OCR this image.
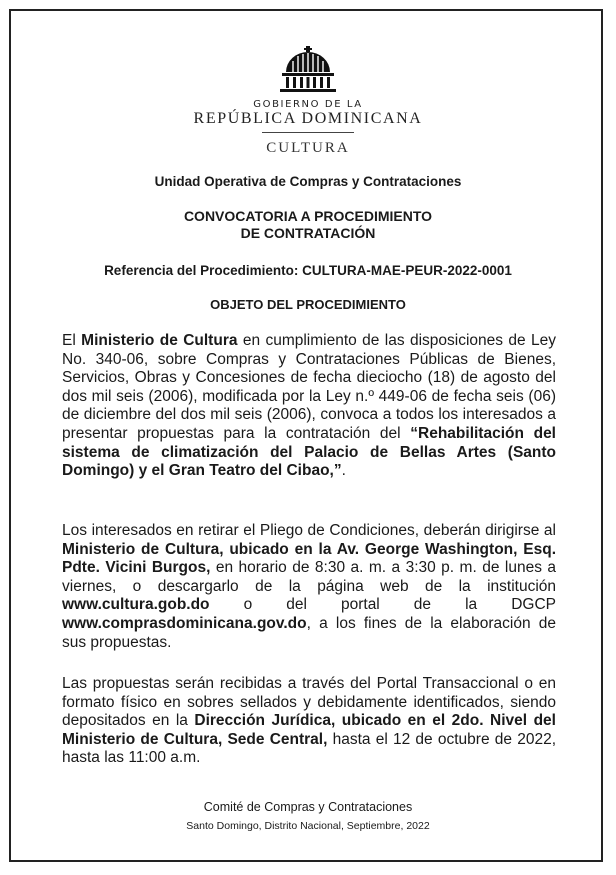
GOBIERNO DE LA
REPÚBLICA DOMINICANA
CULTURA
Unidad Operativa de Compras y Contrataciones
CONVOCATORIA A PROCEDIMIENTO
DE CONTRATACIÓN
Referencia del Procedimiento: CULTURA-MAE-PEUR-2022-0001
OBJETO DEL PROCEDIMIENTO

El Ministerio de Cultura en cumplimiento de las disposiciones de Ley No. 340-06, sobre Compras y Contrataciones Públicas de Bienes, Servicios, Obras y Concesiones de fecha dieciocho (18) de agosto del dos mil seis (2006), modificada por la Ley n.º 449-06 de fecha seis (06) de diciembre del dos mil seis (2006), convoca a todos los interesados a presentar propuestas para la contratación del “Rehabilitación del sistema de climatización del Palacio de Bellas Artes (Santo Domingo) y el Gran Teatro del Cibao,”.

Los interesados en retirar el Pliego de Condiciones, deberán dirigirse al Ministerio de Cultura, ubicado en la Av. George Washington, Esq. Pdte. Vicini Burgos, en horario de 8:30 a. m. a 3:30 p. m. de lunes a viernes, o descargarlo de la página web de la institución www.cultura.gob.do o del portal de la DGCP www.comprasdominicana.gov.do, a los fines de la elaboración de sus propuestas.

Las propuestas serán recibidas a través del Portal Transaccional o en formato físico en sobres sellados y debidamente identificados, siendo depositados en la Dirección Jurídica, ubicado en el 2do. Nivel del Ministerio de Cultura, Sede Central, hasta el 12 de octubre de 2022, hasta las 11:00 a.m.

Comité de Compras y Contrataciones
Santo Domingo, Distrito Nacional, Septiembre, 2022
